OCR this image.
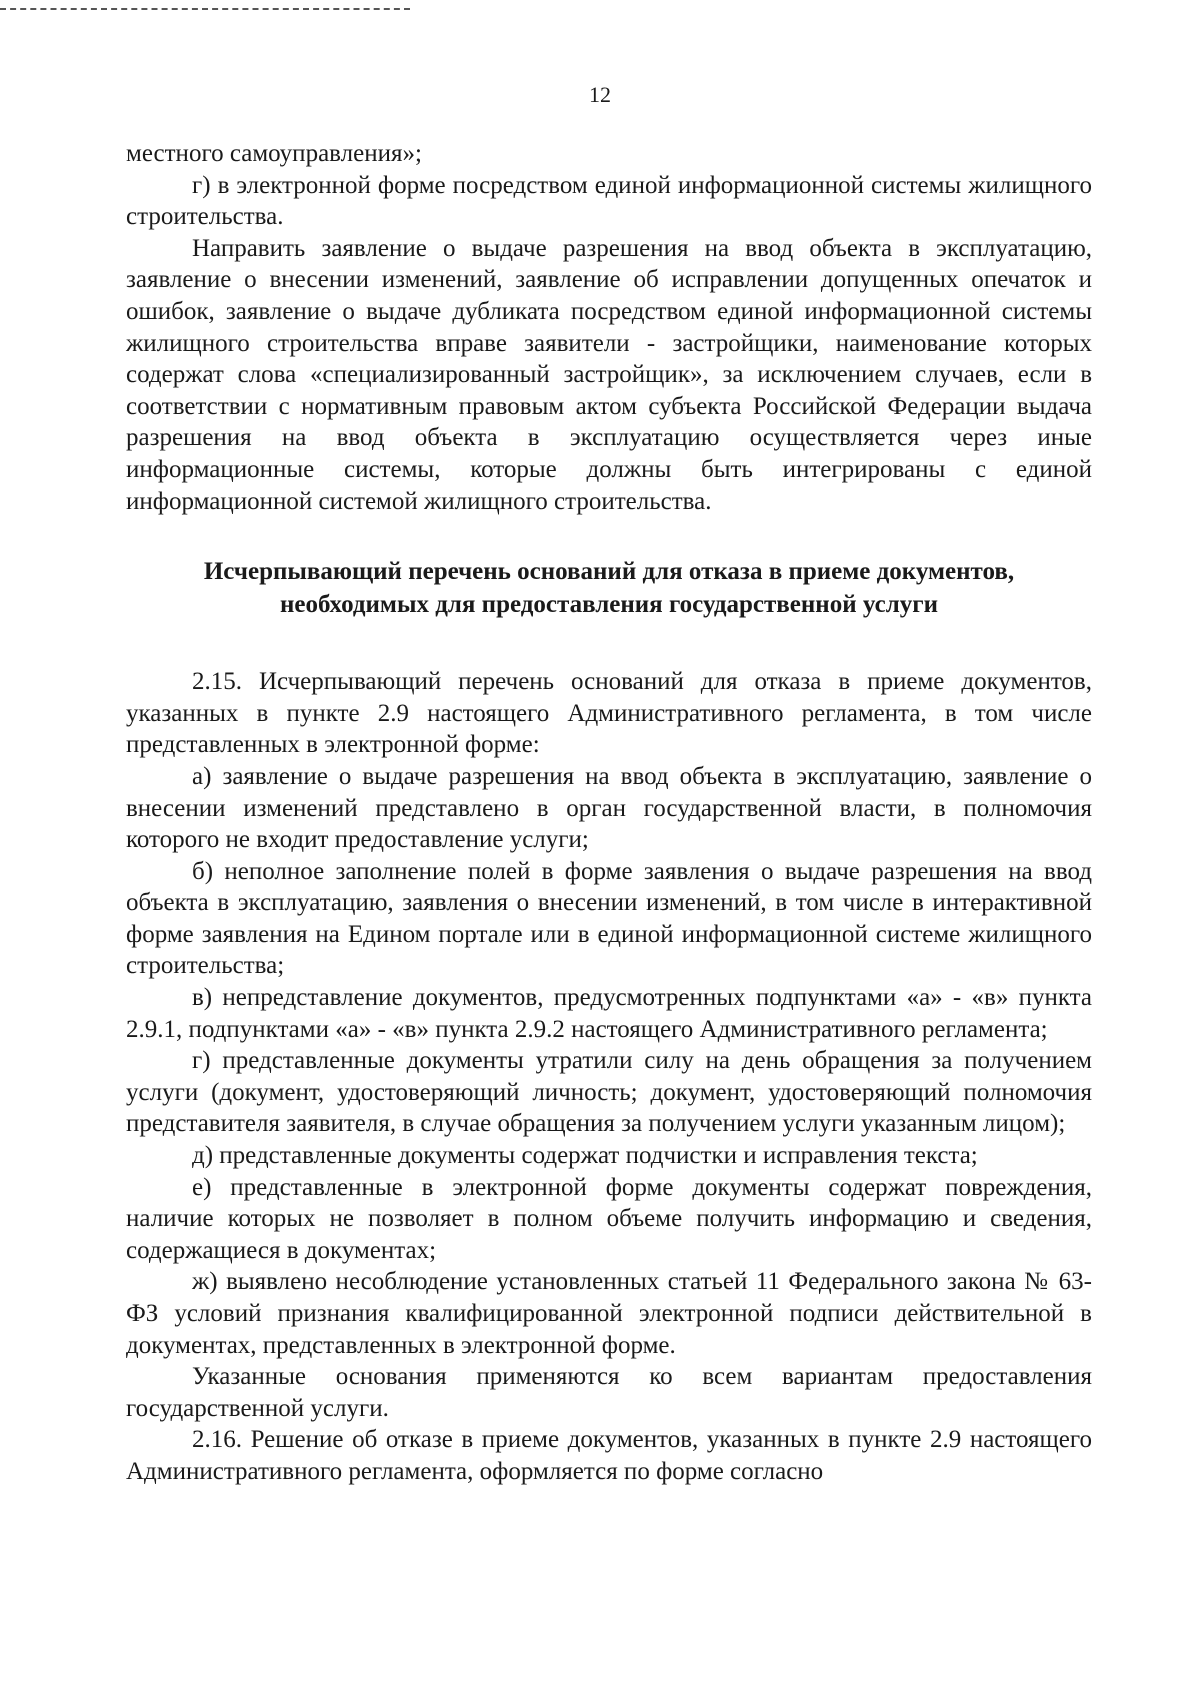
12

местного самоуправления»;

г) в электронной форме посредством единой информационной системы жилищного строительства.

Направить заявление о выдаче разрешения на ввод объекта в эксплуатацию, заявление о внесении изменений, заявление об исправлении допущенных опечаток и ошибок, заявление о выдаче дубликата посредством единой информационной системы жилищного строительства вправе заявители - застройщики, наименование которых содержат слова «специализированный застройщик», за исключением случаев, если в соответствии с нормативным правовым актом субъекта Российской Федерации выдача разрешения на ввод объекта в эксплуатацию осуществляется через иные информационные системы, которые должны быть интегрированы с единой информационной системой жилищного строительства.

Исчерпывающий перечень оснований для отказа в приеме документов,
необходимых для предоставления государственной услуги

2.15. Исчерпывающий перечень оснований для отказа в приеме документов, указанных в пункте 2.9 настоящего Административного регламента, в том числе представленных в электронной форме:

а) заявление о выдаче разрешения на ввод объекта в эксплуатацию, заявление о внесении изменений представлено в орган государственной власти, в полномочия которого не входит предоставление услуги;

б) неполное заполнение полей в форме заявления о выдаче разрешения на ввод объекта в эксплуатацию, заявления о внесении изменений, в том числе в интерактивной форме заявления на Едином портале или в единой информационной системе жилищного строительства;

в) непредставление документов, предусмотренных подпунктами «а» - «в» пункта 2.9.1, подпунктами «а» - «в» пункта 2.9.2 настоящего Административного регламента;

г) представленные документы утратили силу на день обращения за получением услуги (документ, удостоверяющий личность; документ, удостоверяющий полномочия представителя заявителя, в случае обращения за получением услуги указанным лицом);

д) представленные документы содержат подчистки и исправления текста;

е) представленные в электронной форме документы содержат повреждения, наличие которых не позволяет в полном объеме получить информацию и сведения, содержащиеся в документах;

ж) выявлено несоблюдение установленных статьей 11 Федерального закона № 63-ФЗ условий признания квалифицированной электронной подписи действительной в документах, представленных в электронной форме.

Указанные основания применяются ко всем вариантам предоставления государственной услуги.

2.16. Решение об отказе в приеме документов, указанных в пункте 2.9 настоящего Административного регламента, оформляется по форме согласно
